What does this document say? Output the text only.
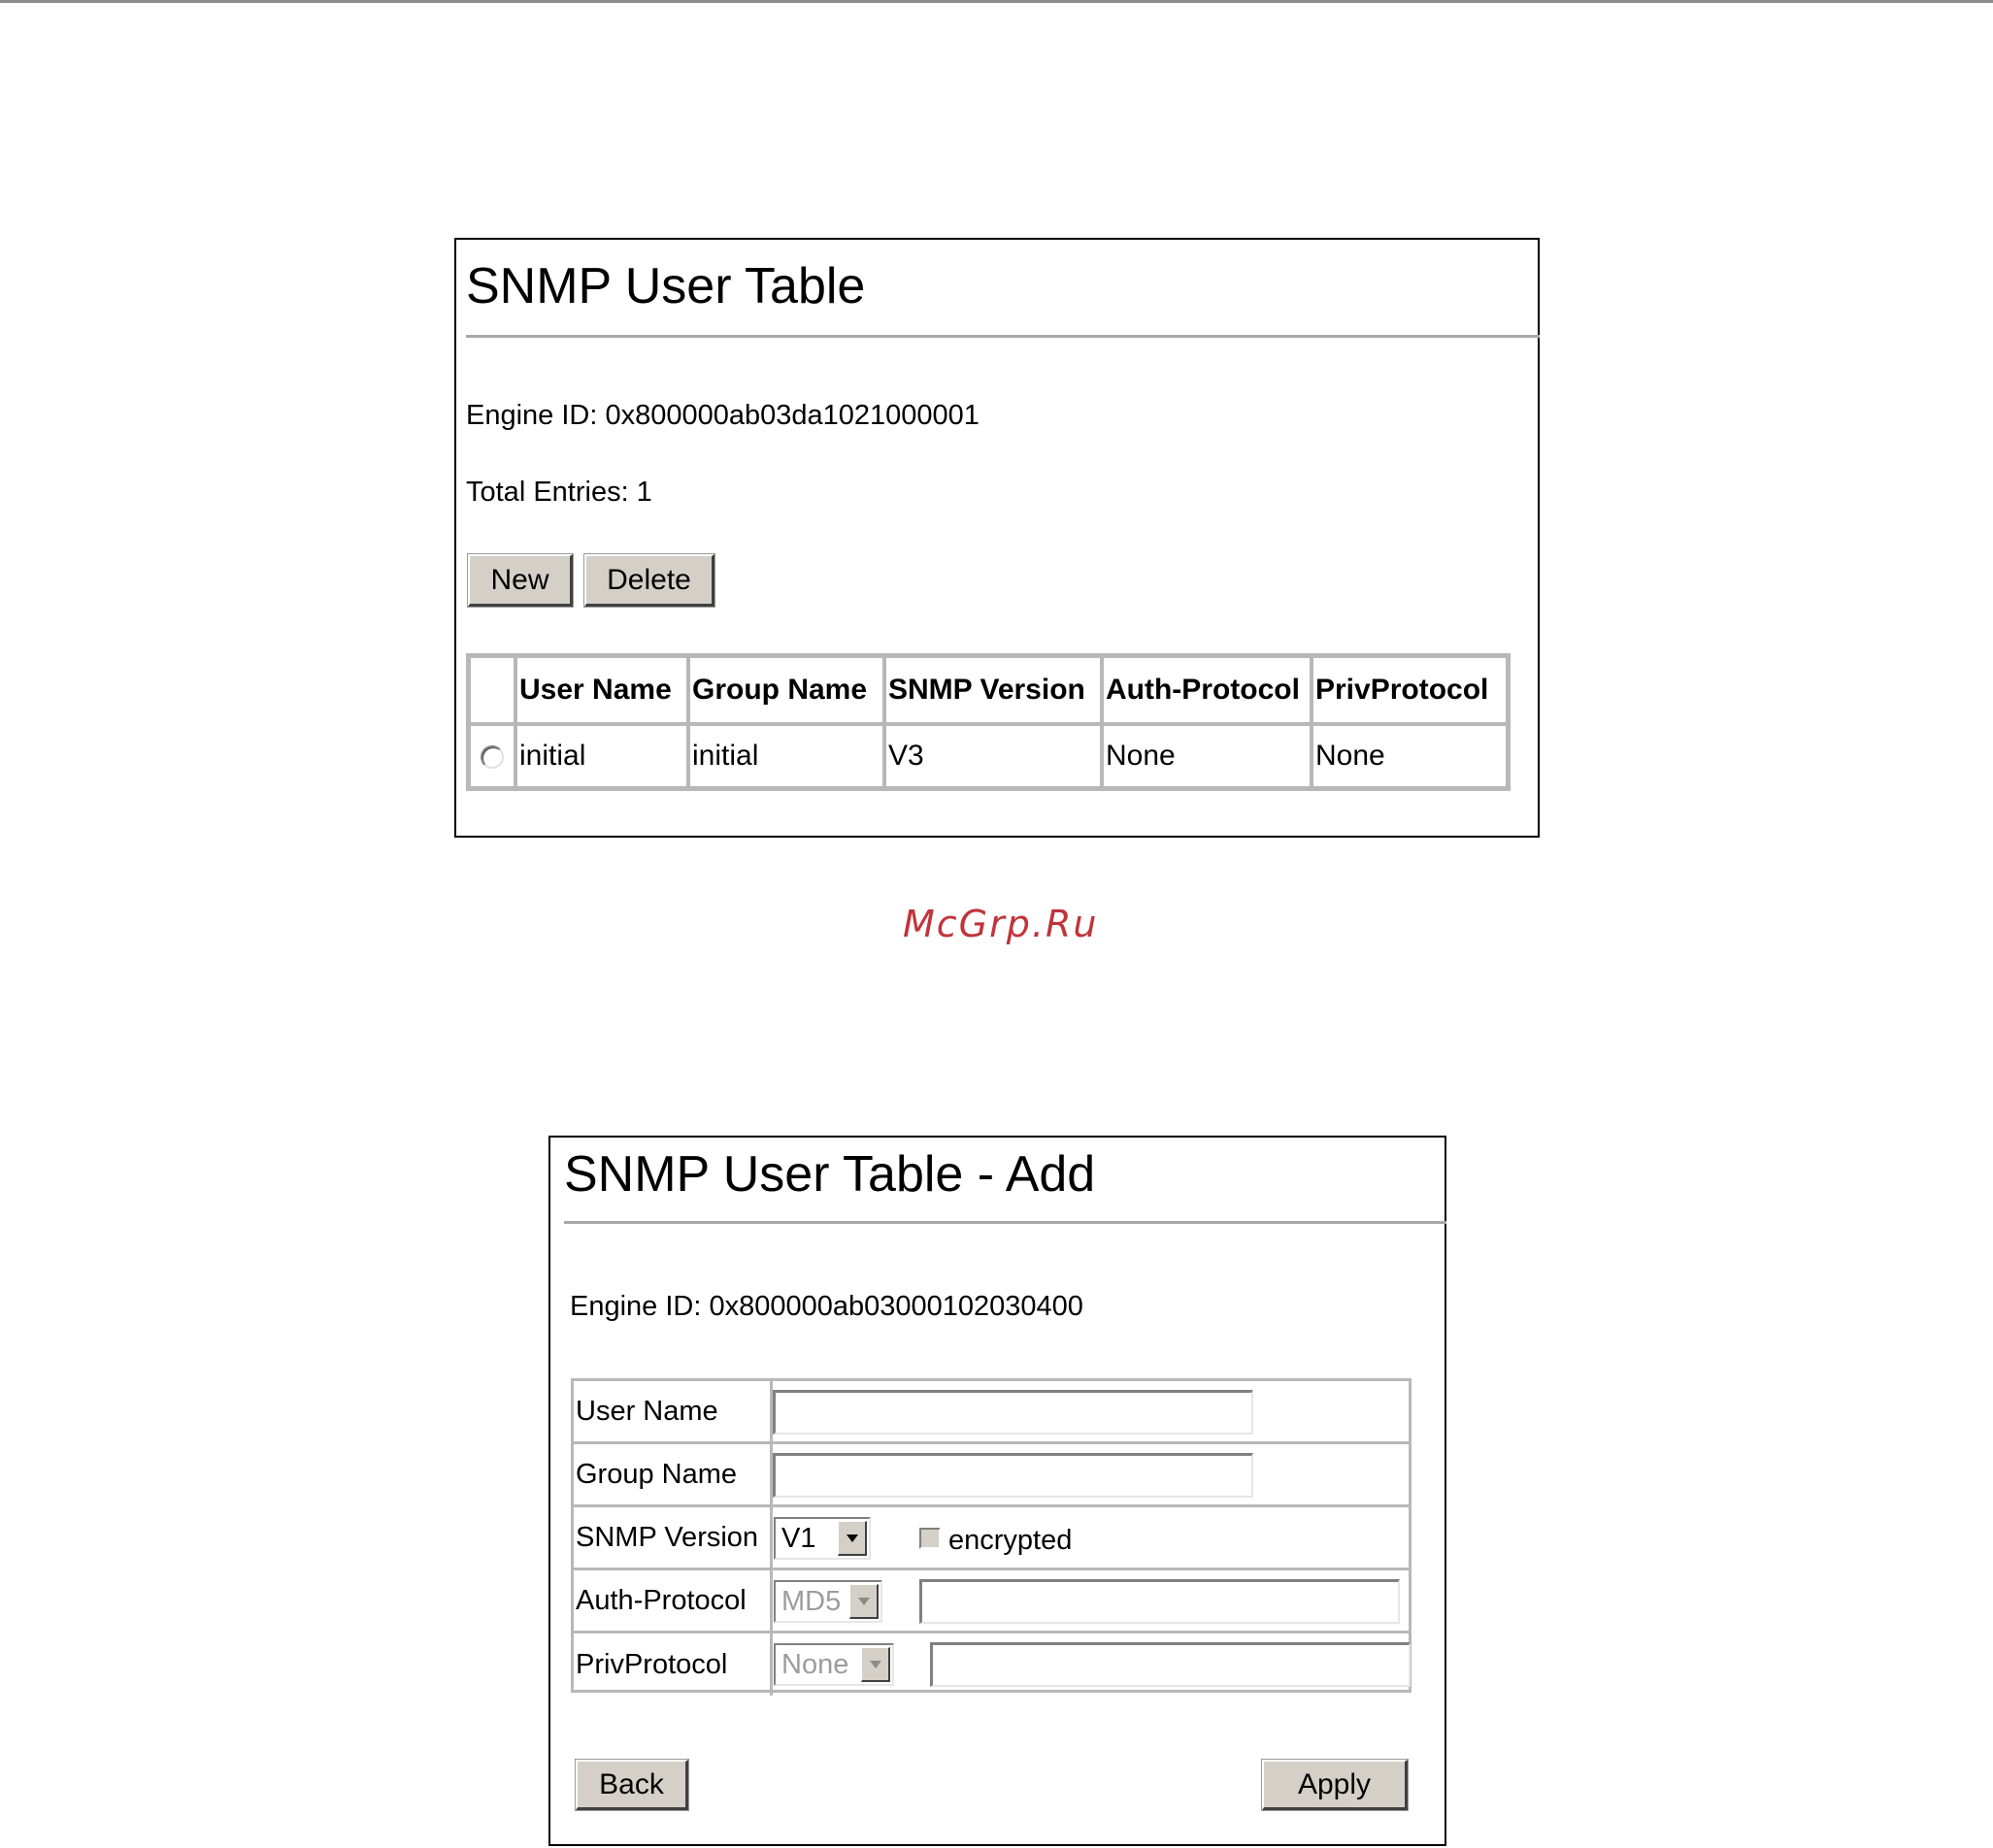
SNMP User Table
Engine ID: 0x800000ab03da1021000001
Total Entries: 1
New	Delete
	User Name	Group Name	SNMP Version	Auth-Protocol	PrivProtocol
	initial	initial	V3	None	None
McGrp.Ru
SNMP User Table - Add
Engine ID: 0x800000ab03000102030400
User Name
Group Name
SNMP Version V1	encrypted
Auth-Protocol	MD5
PrivProtocol	None
Back	Apply
